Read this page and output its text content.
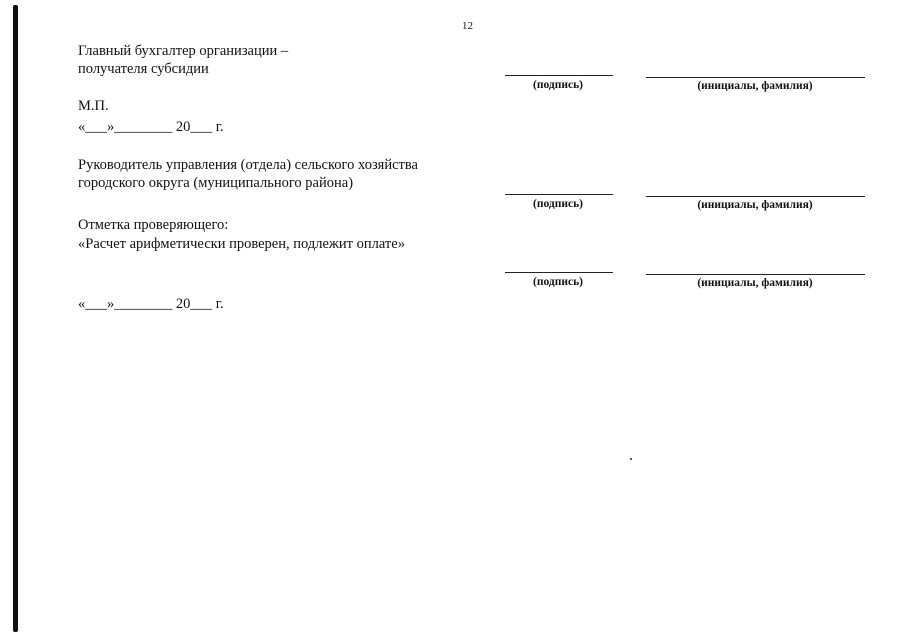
12
Главный бухгалтер организации –
получателя субсидии
(подпись)	(инициалы, фамилия)
М.П.
«___»________ 20___ г.
Руководитель управления (отдела) сельского хозяйства
городского округа (муниципального района)
(подпись)	(инициалы, фамилия)
Отметка проверяющего:
«Расчет арифметически проверен, подлежит оплате»
(подпись)	(инициалы, фамилия)
«___»________ 20___ г.
